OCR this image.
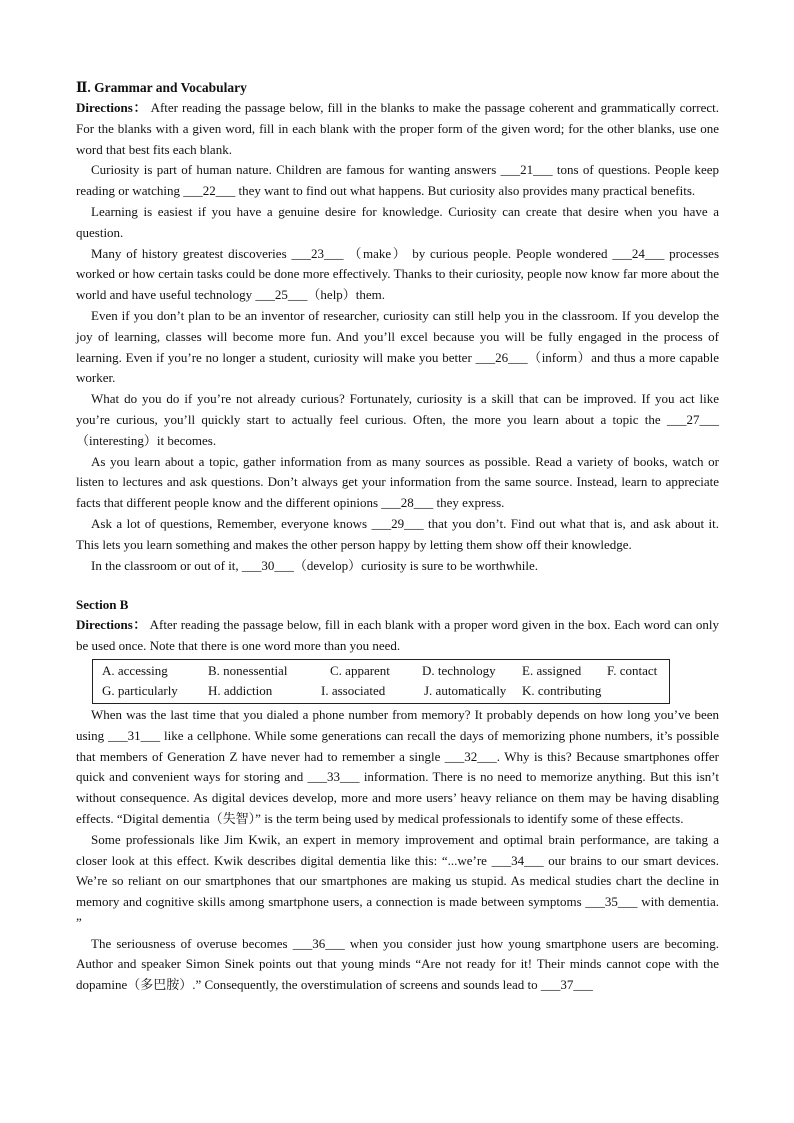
Ⅱ. Grammar and Vocabulary

Directions： After reading the passage below, fill in the blanks to make the passage coherent and grammatically correct. For the blanks with a given word, fill in each blank with the proper form of the given word; for the other blanks, use one word that best fits each blank.

Curiosity is part of human nature. Children are famous for wanting answers ___21___ tons of questions. People keep reading or watching ___22___ they want to find out what happens. But curiosity also provides many practical benefits.

Learning is easiest if you have a genuine desire for knowledge. Curiosity can create that desire when you have a question.

Many of history greatest discoveries ___23___ （make） by curious people. People wondered ___24___ processes worked or how certain tasks could be done more effectively. Thanks to their curiosity, people now know far more about the world and have useful technology ___25___（help）them.

Even if you don’t plan to be an inventor of researcher, curiosity can still help you in the classroom. If you develop the joy of learning, classes will become more fun. And you’ll excel because you will be fully engaged in the process of learning. Even if you’re no longer a student, curiosity will make you better ___26___（inform）and thus a more capable worker.

What do you do if you’re not already curious? Fortunately, curiosity is a skill that can be improved. If you act like you’re curious, you’ll quickly start to actually feel curious. Often, the more you learn about a topic the ___27___（interesting）it becomes.

As you learn about a topic, gather information from as many sources as possible. Read a variety of books, watch or listen to lectures and ask questions. Don’t always get your information from the same source. Instead, learn to appreciate facts that different people know and the different opinions ___28___ they express.

Ask a lot of questions, Remember, everyone knows ___29___ that you don’t. Find out what that is, and ask about it. This lets you learn something and makes the other person happy by letting them show off their knowledge.

In the classroom or out of it, ___30___（develop）curiosity is sure to be worthwhile.

Section B

Directions： After reading the passage below, fill in each blank with a proper word given in the box. Each word can only be used once. Note that there is one word more than you need.

A. accessing	B. nonessential	C. apparent	D. technology	E. assigned	F. contact
G. particularly	H. addiction	I. associated	J. automatically	K. contributing

When was the last time that you dialed a phone number from memory? It probably depends on how long you’ve been using ___31___ like a cellphone. While some generations can recall the days of memorizing phone numbers, it’s possible that members of Generation Z have never had to remember a single ___32___. Why is this? Because smartphones offer quick and convenient ways for storing and ___33___ information. There is no need to memorize anything. But this isn’t without consequence. As digital devices develop, more and more users’ heavy reliance on them may be having disabling effects. “Digital dementia（失智）” is the term being used by medical professionals to identify some of these effects.

Some professionals like Jim Kwik, an expert in memory improvement and optimal brain performance, are taking a closer look at this effect. Kwik describes digital dementia like this: “...we’re ___34___ our brains to our smart devices. We’re so reliant on our smartphones that our smartphones are making us stupid. As medical studies chart the decline in memory and cognitive skills among smartphone users, a connection is made between symptoms ___35___ with dementia. ”

The seriousness of overuse becomes ___36___ when you consider just how young smartphone users are becoming. Author and speaker Simon Sinek points out that young minds “Are not ready for it! Their minds cannot cope with the dopamine（多巴胺）.” Consequently, the overstimulation of screens and sounds lead to ___37___
